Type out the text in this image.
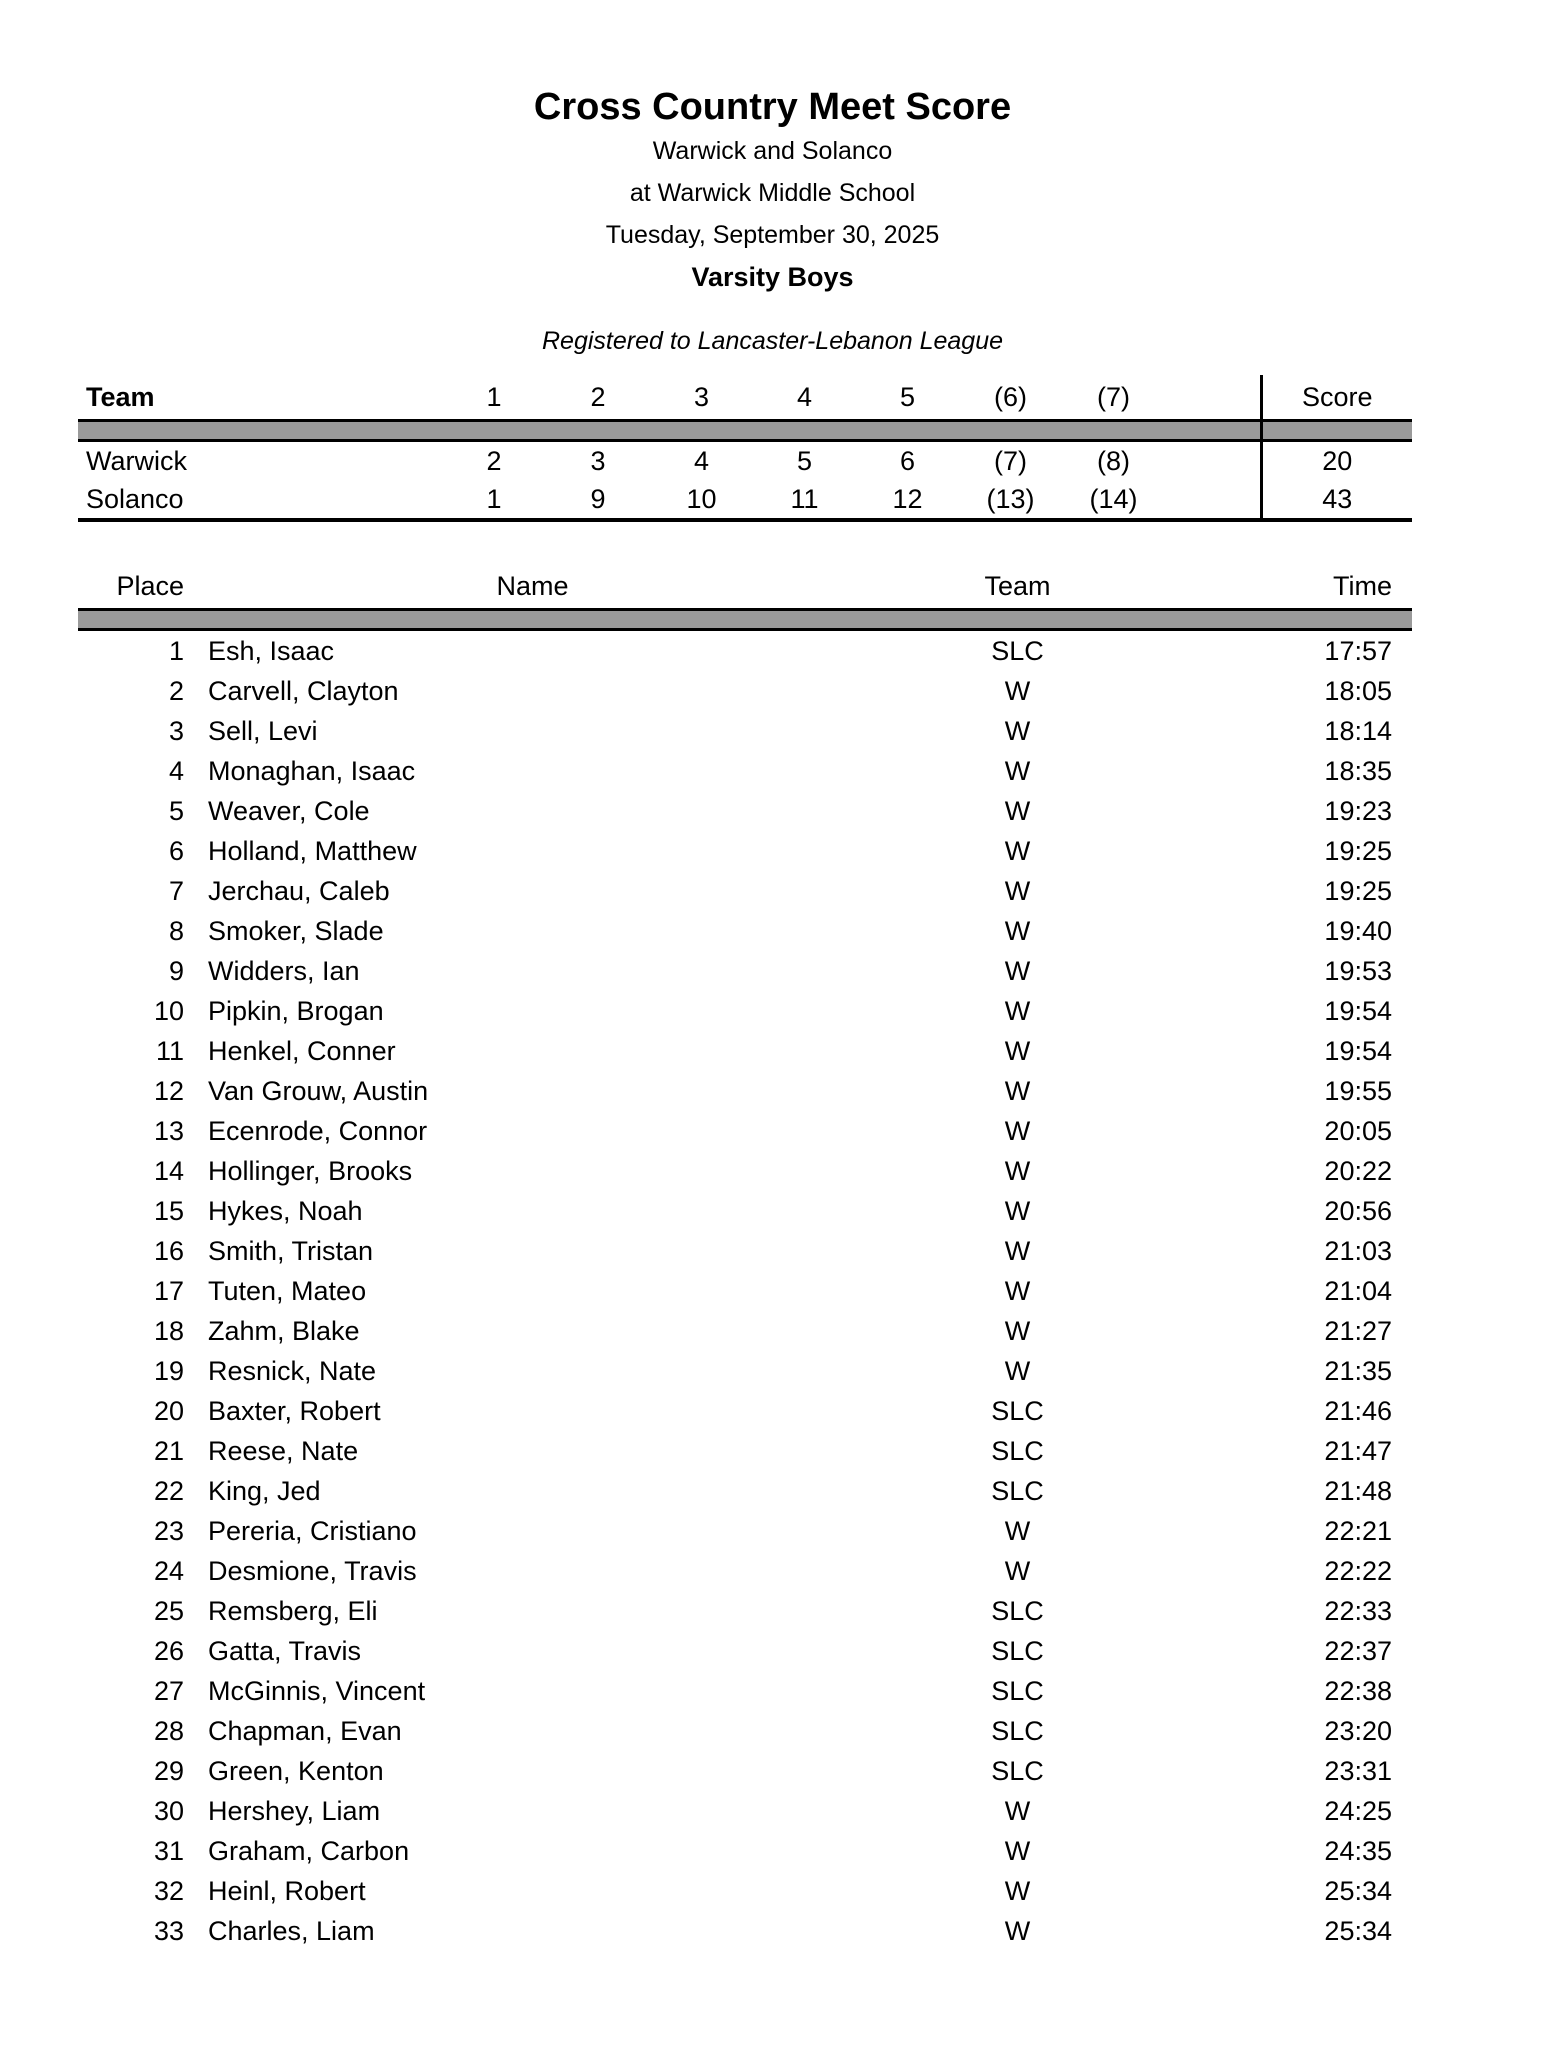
Cross Country Meet Score
Warwick and Solanco
at Warwick Middle School
Tuesday, September 30, 2025
Varsity Boys
Registered to Lancaster-Lebanon League
Team	1	2	3	4	5	(6)	(7)		Score

Warwick	2	3	4	5	6	(7)	(8)		20
Solanco	1	9	10	11	12	(13)	(14)		43
Place	Name	Team	Time

1	Esh, Isaac	SLC	17:57
2	Carvell, Clayton	W	18:05
3	Sell, Levi	W	18:14
4	Monaghan, Isaac	W	18:35
5	Weaver, Cole	W	19:23
6	Holland, Matthew	W	19:25
7	Jerchau, Caleb	W	19:25
8	Smoker, Slade	W	19:40
9	Widders, Ian	W	19:53
10	Pipkin, Brogan	W	19:54
11	Henkel, Conner	W	19:54
12	Van Grouw, Austin	W	19:55
13	Ecenrode, Connor	W	20:05
14	Hollinger, Brooks	W	20:22
15	Hykes, Noah	W	20:56
16	Smith, Tristan	W	21:03
17	Tuten, Mateo	W	21:04
18	Zahm, Blake	W	21:27
19	Resnick, Nate	W	21:35
20	Baxter, Robert	SLC	21:46
21	Reese, Nate	SLC	21:47
22	King, Jed	SLC	21:48
23	Pereria, Cristiano	W	22:21
24	Desmione, Travis	W	22:22
25	Remsberg, Eli	SLC	22:33
26	Gatta, Travis	SLC	22:37
27	McGinnis, Vincent	SLC	22:38
28	Chapman, Evan	SLC	23:20
29	Green, Kenton	SLC	23:31
30	Hershey, Liam	W	24:25
31	Graham, Carbon	W	24:35
32	Heinl, Robert	W	25:34
33	Charles, Liam	W	25:34
